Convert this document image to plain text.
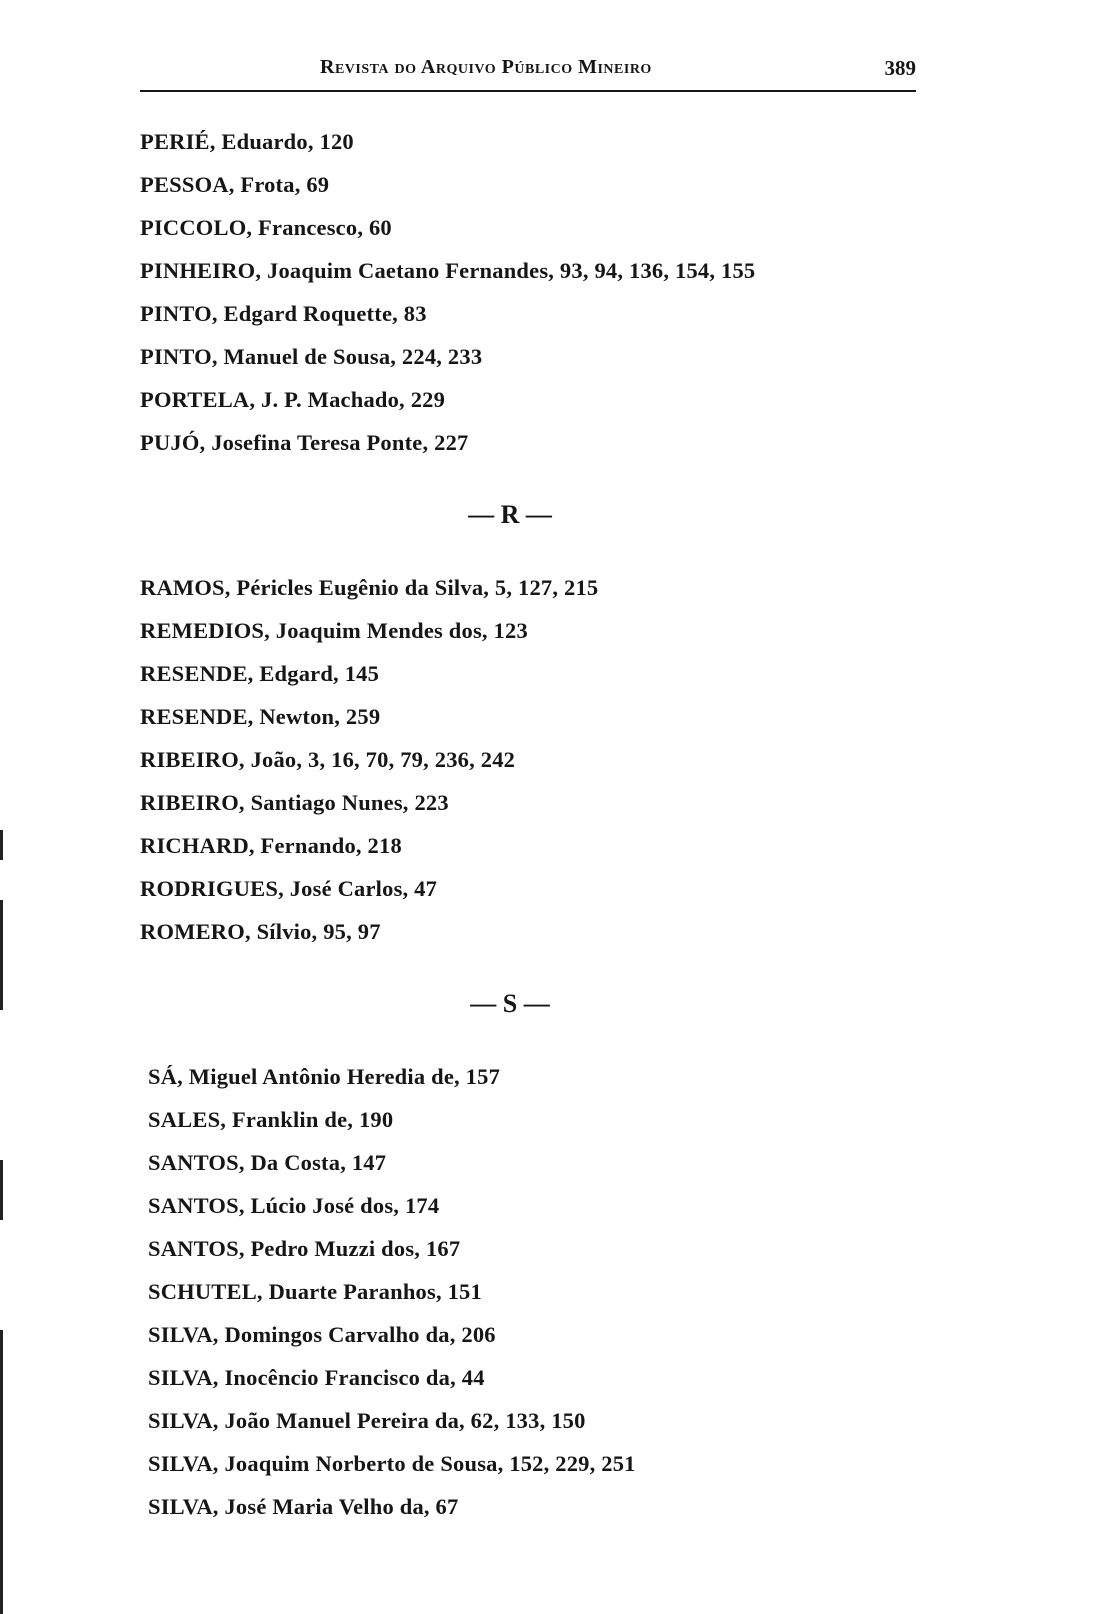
Revista do Arquivo Público Mineiro	389
PERIÉ, Eduardo, 120
PESSOA, Frota, 69
PICCOLO, Francesco, 60
PINHEIRO, Joaquim Caetano Fernandes, 93, 94, 136, 154, 155
PINTO, Edgard Roquette, 83
PINTO, Manuel de Sousa, 224, 233
PORTELA, J. P. Machado, 229
PUJÓ, Josefina Teresa Ponte, 227
— R —
RAMOS, Péricles Eugênio da Silva, 5, 127, 215
REMEDIOS, Joaquim Mendes dos, 123
RESENDE, Edgard, 145
RESENDE, Newton, 259
RIBEIRO, João, 3, 16, 70, 79, 236, 242
RIBEIRO, Santiago Nunes, 223
RICHARD, Fernando, 218
RODRIGUES, José Carlos, 47
ROMERO, Sílvio, 95, 97
— S —
SÁ, Miguel Antônio Heredia de, 157
SALES, Franklin de, 190
SANTOS, Da Costa, 147
SANTOS, Lúcio José dos, 174
SANTOS, Pedro Muzzi dos, 167
SCHUTEL, Duarte Paranhos, 151
SILVA, Domingos Carvalho da, 206
SILVA, Inocêncio Francisco da, 44
SILVA, João Manuel Pereira da, 62, 133, 150
SILVA, Joaquim Norberto de Sousa, 152, 229, 251
SILVA, José Maria Velho da, 67
